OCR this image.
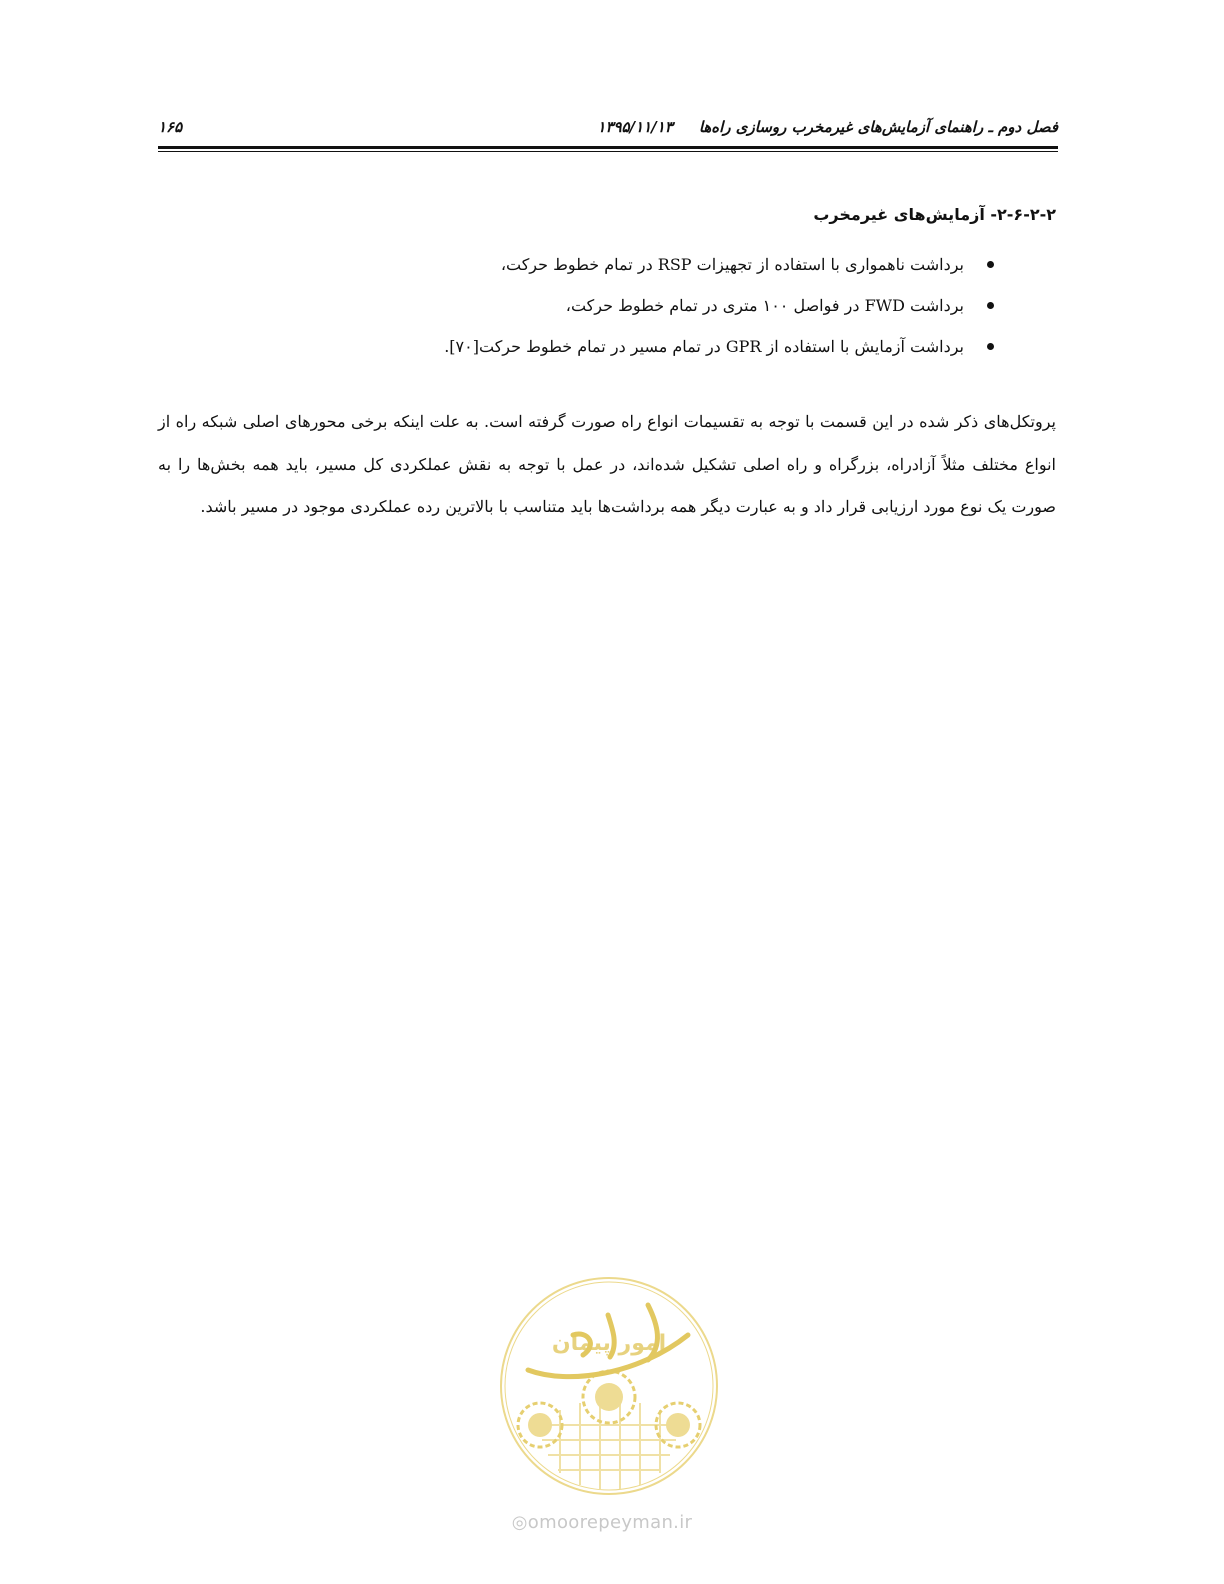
فصل دوم ـ راهنمای آزمایش‌های غیرمخرب روسازی راه‌ها۱۳۹۵/۱۱/۱۳
۱۶۵
۲-۶-۲-۲- آزمایش‌های غیرمخرب
برداشت ناهمواری با استفاده از تجهیزات RSP در تمام خطوط حرکت،
برداشت FWD در فواصل ۱۰۰ متری در تمام خطوط حرکت،
برداشت آزمایش با استفاده از GPR در تمام مسیر در تمام خطوط حرکت[۷۰].

پروتکل‌های ذکر شده در این قسمت با توجه به تقسیمات انواع راه صورت گرفته است. به علت اینکه برخی محورهای اصلی شبکه راه از انواع مختلف مثلاً آزادراه، بزرگراه و راه اصلی تشکیل شده‌اند، در عمل با توجه به نقش عملکردی کل مسیر، باید همه بخش‌ها را به صورت یک نوع مورد ارزیابی قرار داد و به عبارت دیگر همه برداشت‌ها باید متناسب با بالاترین رده عملکردی موجود در مسیر باشد.

امور پیمان
◎omoorepeyman.ir
